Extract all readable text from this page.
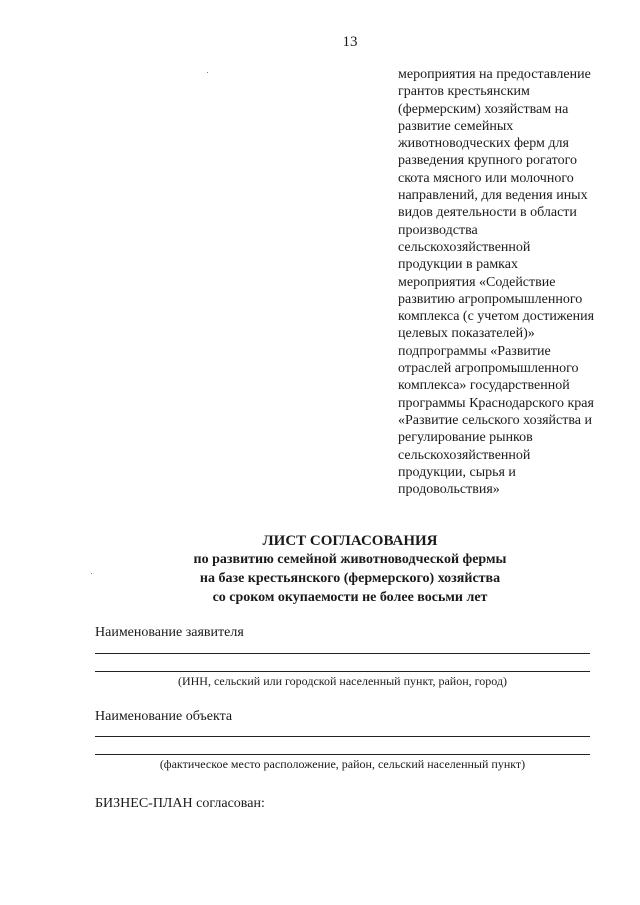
13
мероприятия на предоставление
грантов крестьянским
(фермерским) хозяйствам на
развитие семейных
животноводческих ферм для
разведения крупного рогатого
скота мясного или молочного
направлений, для ведения иных
видов деятельности в области
производства
сельскохозяйственной
продукции в рамках
мероприятия «Содействие
развитию агропромышленного
комплекса (с учетом достижения
целевых показателей)»
подпрограммы «Развитие
отраслей агропромышленного
комплекса» государственной
программы Краснодарского края
«Развитие сельского хозяйства и
регулирование рынков
сельскохозяйственной
продукции, сырья и
продовольствия»
ЛИСТ СОГЛАСОВАНИЯ
по развитию семейной животноводческой фермы
на базе крестьянского (фермерского) хозяйства
со сроком окупаемости не более восьми лет
Наименование заявителя
(ИНН, сельский или городской населенный пункт, район, город)
Наименование объекта
(фактическое место расположение, район, сельский населенный пункт)
БИЗНЕС-ПЛАН согласован:
